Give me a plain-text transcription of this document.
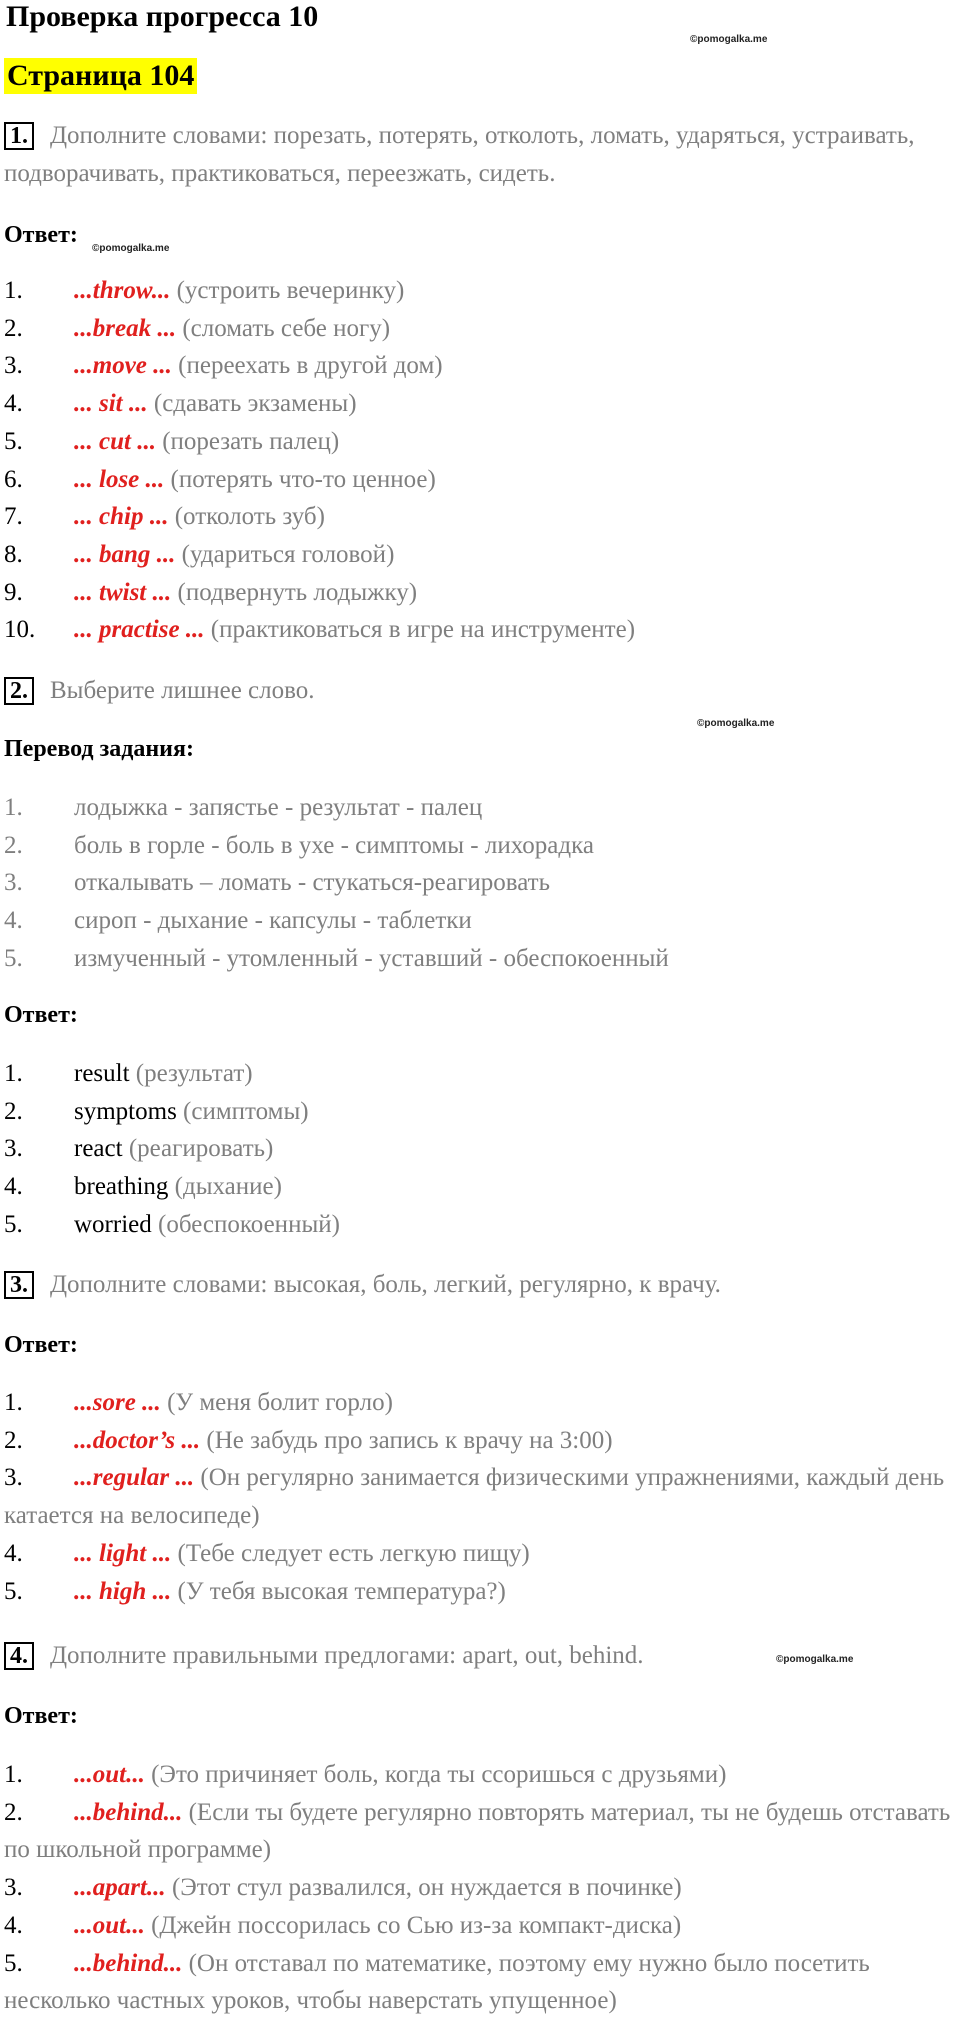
Проверка прогресса 10
©pomogalka.me
Страница 104
1. Дополните словами: порезать, потерять, отколоть, ломать, ударяться, устраивать, подворачивать, практиковаться, переезжать, сидеть.
Ответ:
©pomogalka.me
1. ...throw... (устроить вечеринку)
2. ...break ... (сломать себе ногу)
3. ...move ... (переехать в другой дом)
4. ... sit ... (сдавать экзамены)
5. ... cut ... (порезать палец)
6. ... lose ... (потерять что-то ценное)
7. ... chip ... (отколоть зуб)
8. ... bang ... (удариться головой)
9. ... twist ... (подвернуть лодыжку)
10. ... practise ... (практиковаться в игре на инструменте)
2. Выберите лишнее слово.
©pomogalka.me
Перевод задания:
1. лодыжка - запястье - результат - палец
2. боль в горле - боль в ухе - симптомы - лихорадка
3. откалывать – ломать - стукаться-реагировать
4. сироп - дыхание - капсулы - таблетки
5. измученный - утомленный - уставший - обеспокоенный
Ответ:
1. result (результат)
2. symptoms (симптомы)
3. react (реагировать)
4. breathing (дыхание)
5. worried (обеспокоенный)
3. Дополните словами: высокая, боль, легкий, регулярно, к врачу.
Ответ:
1. ...sore ... (У меня болит горло)
2. ...doctor’s ... (Не забудь про запись к врачу на 3:00)
3. ...regular ... (Он регулярно занимается физическими упражнениями, каждый день катается на велосипеде)
4. ... light ... (Тебе следует есть легкую пищу)
5. ... high ... (У тебя высокая температура?)
4. Дополните правильными предлогами: apart, out, behind.	©pomogalka.me
Ответ:
1. ...out... (Это причиняет боль, когда ты ссоришься с друзьями)
2. ...behind... (Если ты будете регулярно повторять материал, ты не будешь отставать по школьной программе)
3. ...apart... (Этот стул развалился, он нуждается в починке)
4. ...out... (Джейн поссорилась со Сью из-за компакт-диска)
5. ...behind... (Он отставал по математике, поэтому ему нужно было посетить несколько частных уроков, чтобы наверстать упущенное)
